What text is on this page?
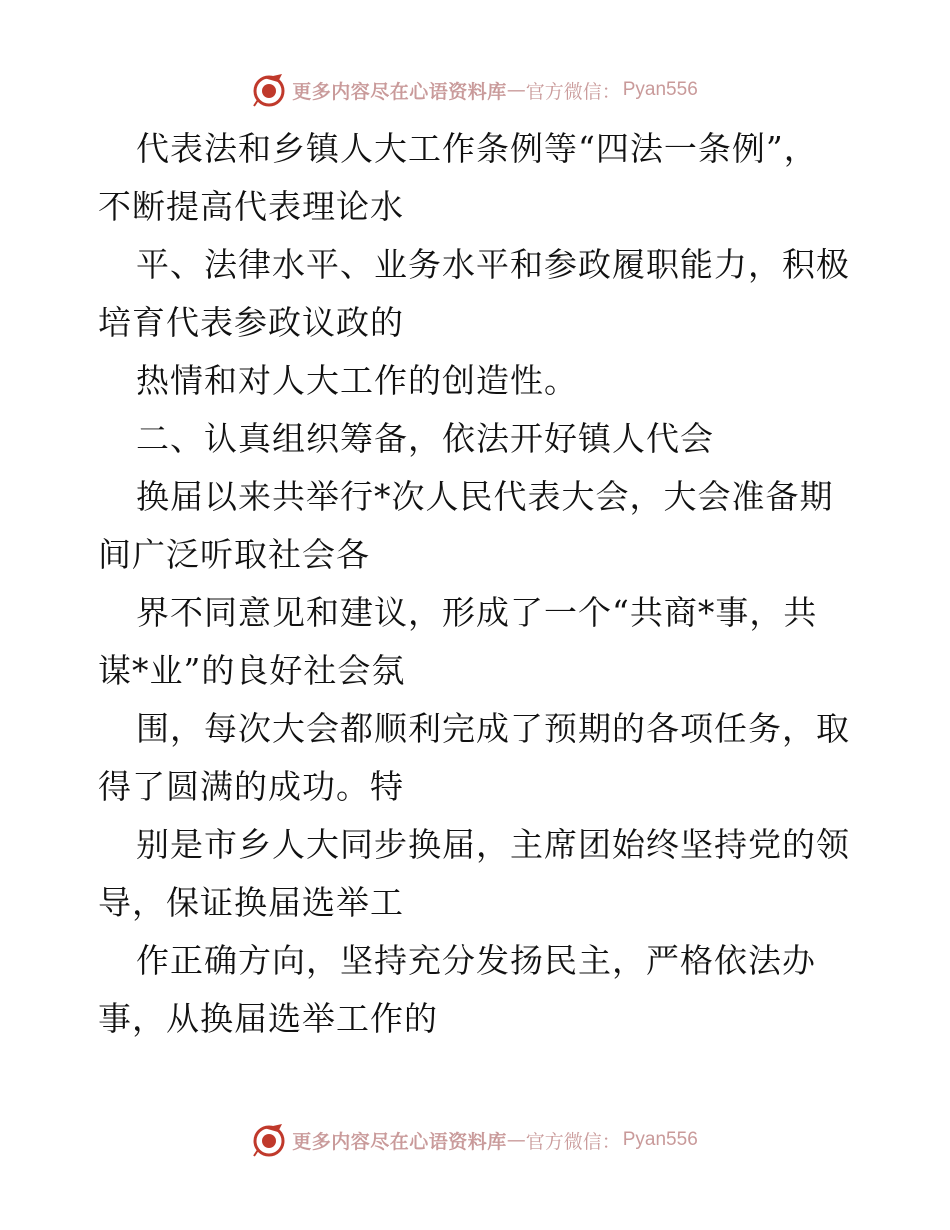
更多内容尽在心语资料库 — 官方微信： Pyan556
代表法和乡镇人大工作条例等“四法一条例”，
不断提高代表理论水
平、法律水平、业务水平和参政履职能力，积极
培育代表参政议政的
热情和对人大工作的创造性。
二、认真组织筹备，依法开好镇人代会
换届以来共举行*次人民代表大会，大会准备期
间广泛听取社会各
界不同意见和建议，形成了一个“共商*事，共
谋*业”的良好社会氛
围，每次大会都顺利完成了预期的各项任务，取
得了圆满的成功。特
别是市乡人大同步换届，主席团始终坚持党的领
导，保证换届选举工
作正确方向，坚持充分发扬民主，严格依法办
事，从换届选举工作的
更多内容尽在心语资料库 — 官方微信： Pyan556
